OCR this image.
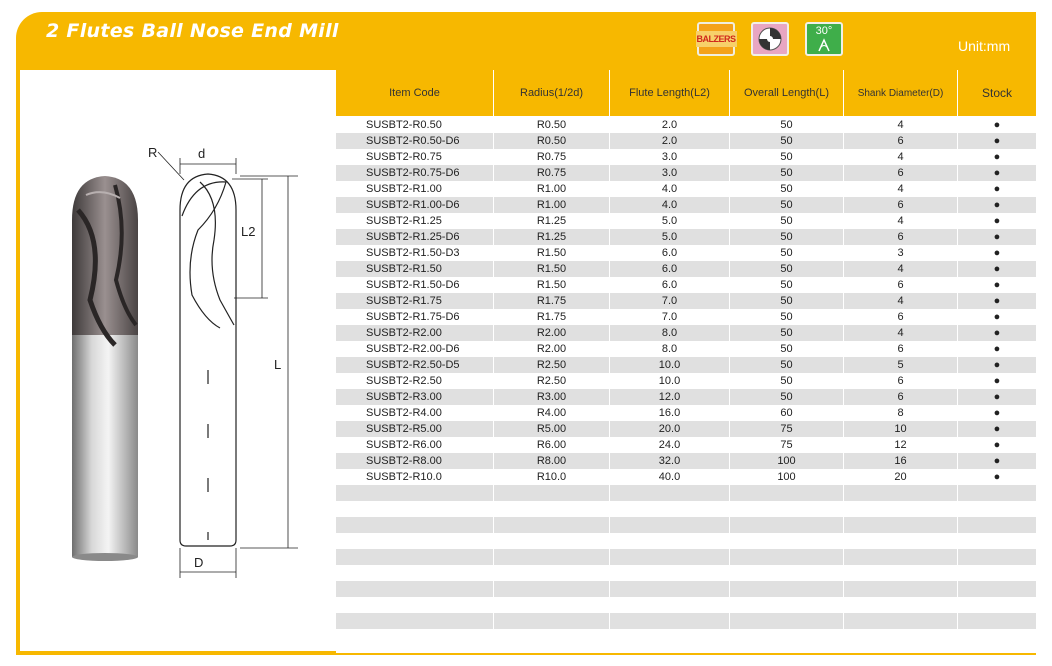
2 Flutes Ball Nose End Mill
Unit:mm
BALZERS
30°
R	d
L2
L
D
Item Code	Radius(1/2d)	Flute Length(L2)	Overall Length(L)	Shank Diameter(D)	Stock
SUSBT2-R0.50	R0.50	2.0	50	4	●
SUSBT2-R0.50-D6	R0.50	2.0	50	6	●
SUSBT2-R0.75	R0.75	3.0	50	4	●
SUSBT2-R0.75-D6	R0.75	3.0	50	6	●
SUSBT2-R1.00	R1.00	4.0	50	4	●
SUSBT2-R1.00-D6	R1.00	4.0	50	6	●
SUSBT2-R1.25	R1.25	5.0	50	4	●
SUSBT2-R1.25-D6	R1.25	5.0	50	6	●
SUSBT2-R1.50-D3	R1.50	6.0	50	3	●
SUSBT2-R1.50	R1.50	6.0	50	4	●
SUSBT2-R1.50-D6	R1.50	6.0	50	6	●
SUSBT2-R1.75	R1.75	7.0	50	4	●
SUSBT2-R1.75-D6	R1.75	7.0	50	6	●
SUSBT2-R2.00	R2.00	8.0	50	4	●
SUSBT2-R2.00-D6	R2.00	8.0	50	6	●
SUSBT2-R2.50-D5	R2.50	10.0	50	5	●
SUSBT2-R2.50	R2.50	10.0	50	6	●
SUSBT2-R3.00	R3.00	12.0	50	6	●
SUSBT2-R4.00	R4.00	16.0	60	8	●
SUSBT2-R5.00	R5.00	20.0	75	10	●
SUSBT2-R6.00	R6.00	24.0	75	12	●
SUSBT2-R8.00	R8.00	32.0	100	16	●
SUSBT2-R10.0	R10.0	40.0	100	20	●
